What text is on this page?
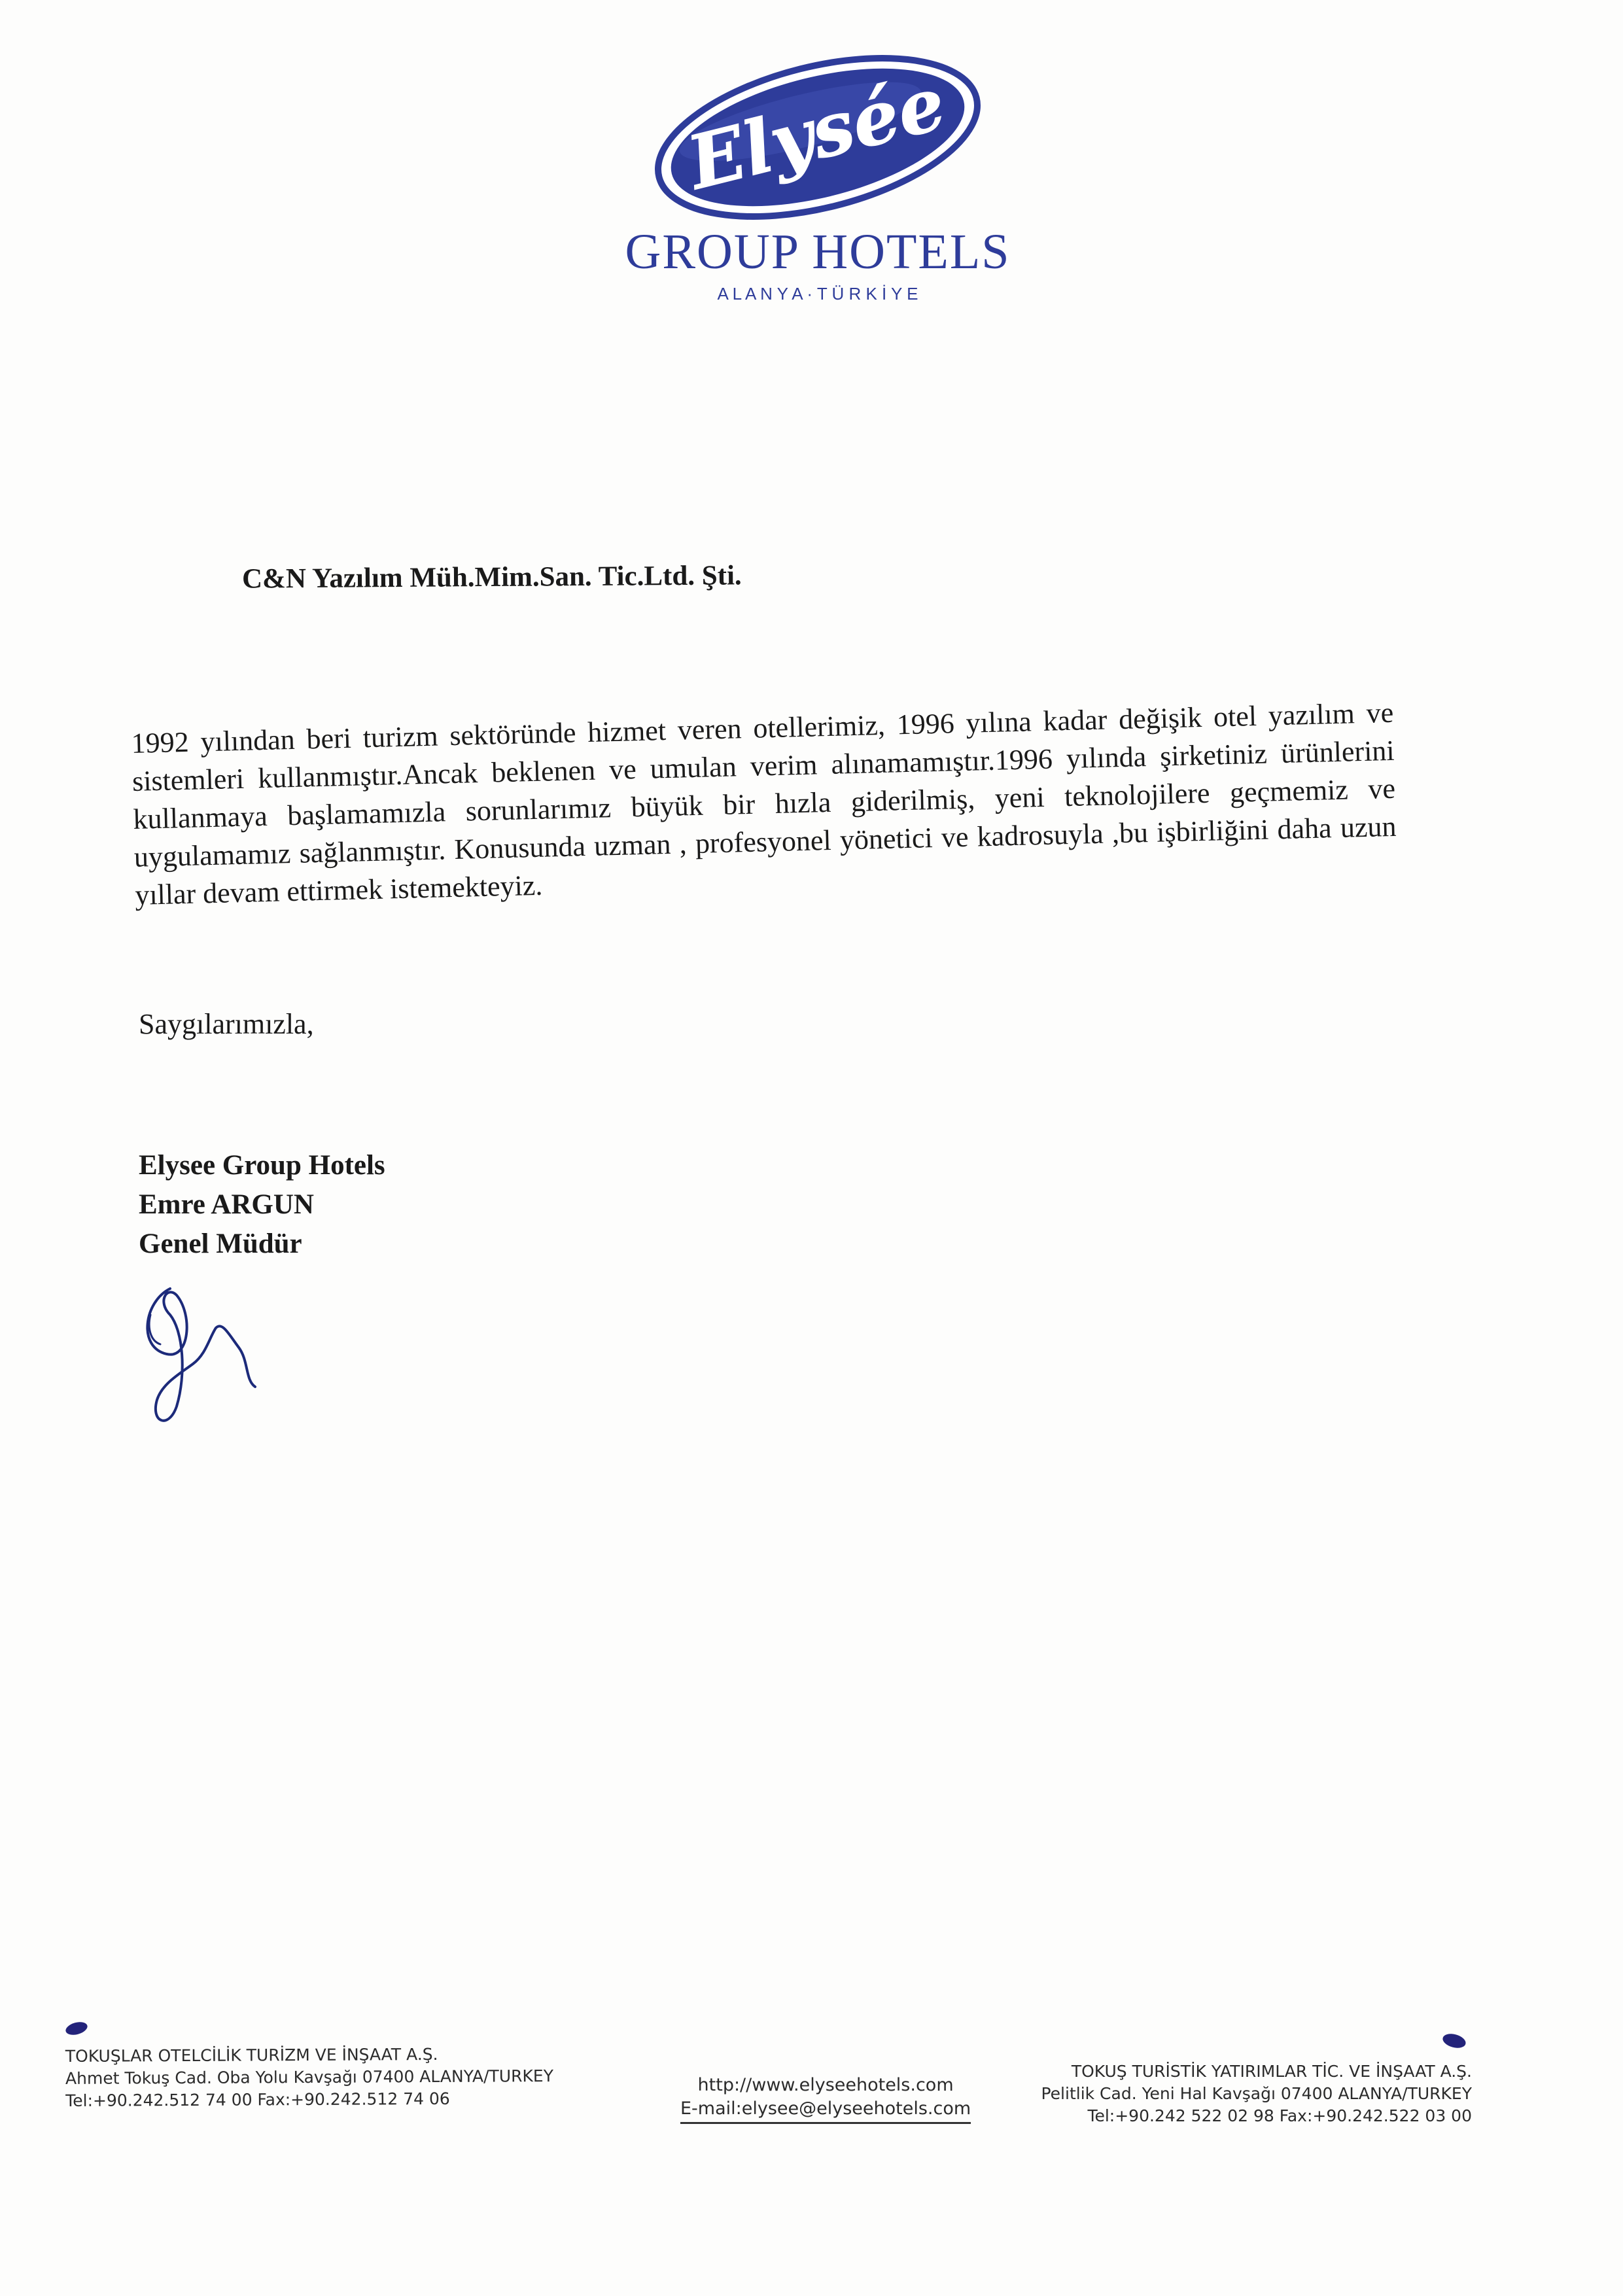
Elysée
GROUP HOTELS
A L A N Y A · T Ü R K İ Y E
C&N Yazılım Müh.Mim.San. Tic.Ltd. Şti.
1992 yılından beri turizm sektöründe hizmet veren otellerimiz, 1996 yılına kadar değişik otel yazılım ve sistemleri kullanmıştır.Ancak beklenen ve umulan verim alınamamıştır.1996 yılında şirketiniz ürünlerini kullanmaya başlamamızla sorunlarımız büyük bir hızla giderilmiş, yeni teknolojilere geçmemiz ve uygulamamız sağlanmıştır. Konusunda uzman , profesyonel yönetici ve kadrosuyla ,bu işbirliğini daha uzun yıllar devam ettirmek istemekteyiz.
Saygılarımızla,
Elysee Group Hotels
Emre ARGUN
Genel Müdür
TOKUŞLAR OTELCİLİK TURİZM VE İNŞAAT A.Ş.
Ahmet Tokuş Cad. Oba Yolu Kavşağı 07400 ALANYA/TURKEY
Tel:+90.242.512 74 00 Fax:+90.242.512 74 06
http://www.elyseehotels.com
E-mail:elysee@elyseehotels.com
TOKUŞ TURİSTİK YATIRIMLAR TİC. VE İNŞAAT A.Ş.
Pelitlik Cad. Yeni Hal Kavşağı 07400 ALANYA/TURKEY
Tel:+90.242 522 02 98 Fax:+90.242.522 03 00
